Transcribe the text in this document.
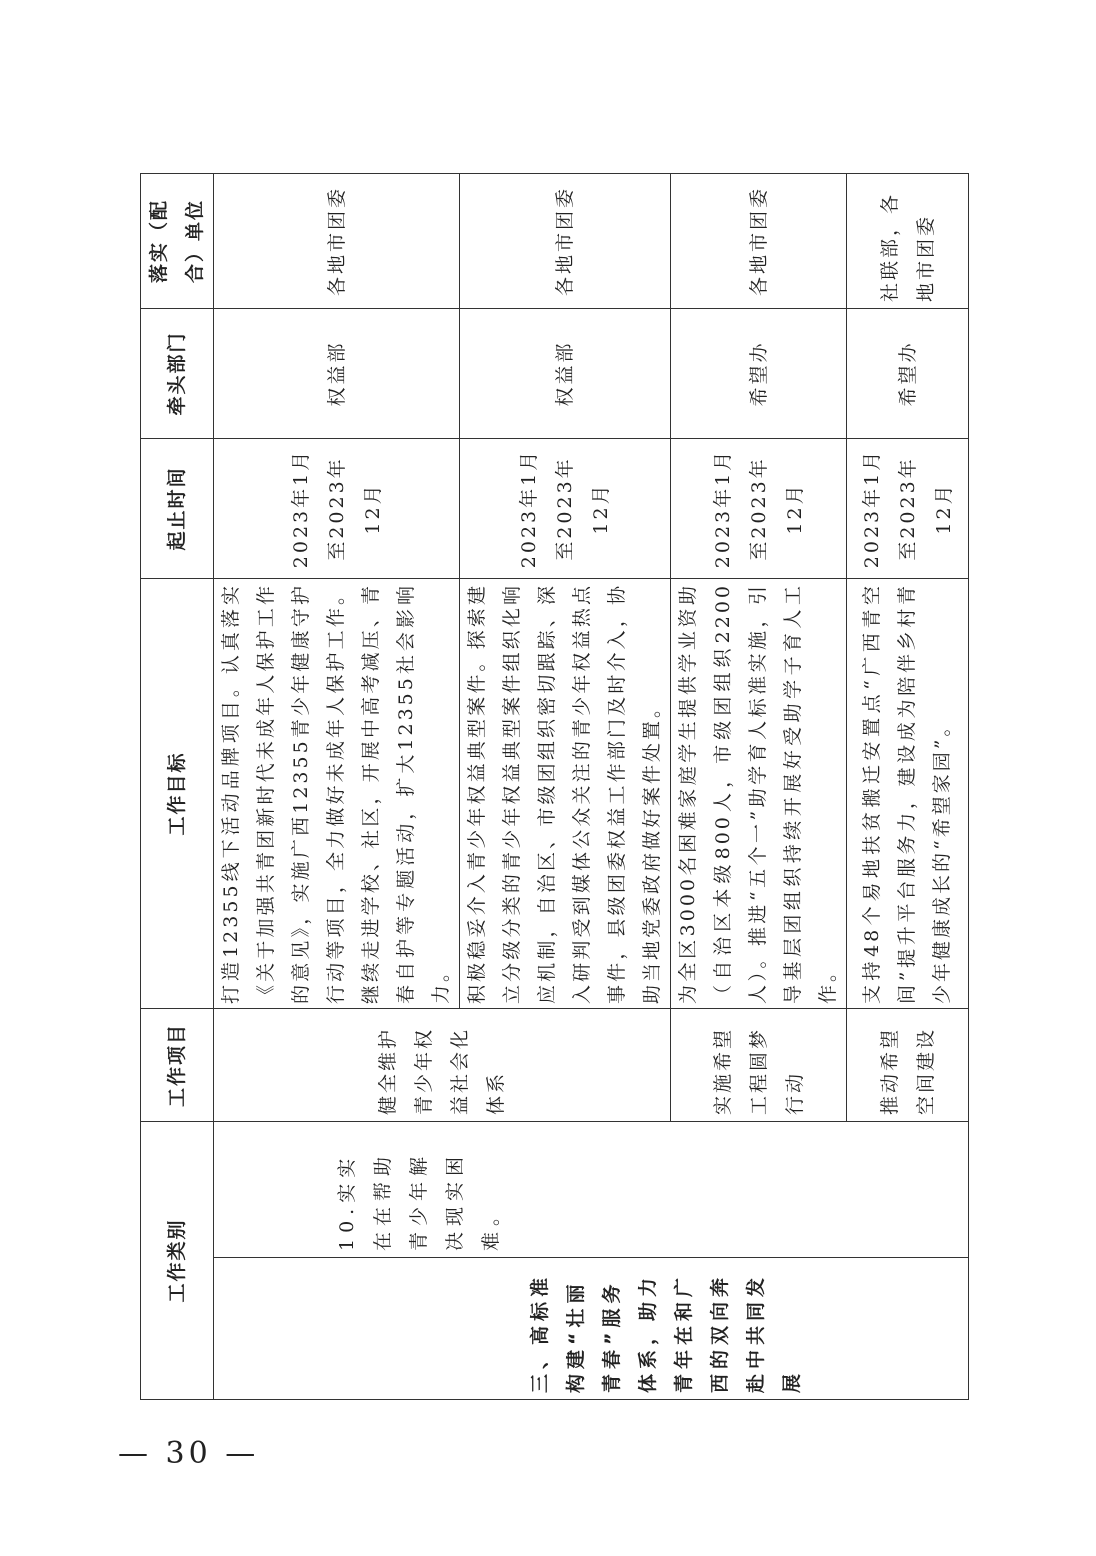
工作类别		工作项目	工作目标	起止时间	牵头部门	落实（配合）单位
三、高标准构建“壮丽青春”服务体系，助力青年在和广西的双向奔赴中共同发展	10.实实在在帮助青少年解决现实困难。	健全维护青少年权益社会化体系	打造12355线下活动品牌项目。认真落实《关于加强共青团新时代未成年人保护工作的意见》，实施广西12355青少年健康守护行动等项目，全力做好未成年人保护工作。继续走进学校、社区，开展中高考减压、青春自护等专题活动，扩大12355社会影响力。	2023年1月至2023年12月	权益部	各地市团委
			积极稳妥介入青少年权益典型案件。探索建立分级分类的青少年权益典型案件组织化响应机制，自治区、市级团组织密切跟踪、深入研判受到媒体公众关注的青少年权益热点事件，县级团委权益工作部门及时介入，协助当地党委政府做好案件处置。	2023年1月至2023年12月	权益部	各地市团委
		实施希望工程圆梦行动	为全区3000名困难家庭学生提供学业资助（自治区本级800人，市级团组织2200人）。推进“五个一”助学育人标准实施，引导基层团组织持续开展好受助学子育人工作。	2023年1月至2023年12月	希望办	各地市团委
		推动希望空间建设	支持48个易地扶贫搬迁安置点“广西青空间”提升平台服务力，建设成为陪伴乡村青少年健康成长的“希望家园”。	2023年1月至2023年12月	希望办	社联部，各地市团委
— 30 —
